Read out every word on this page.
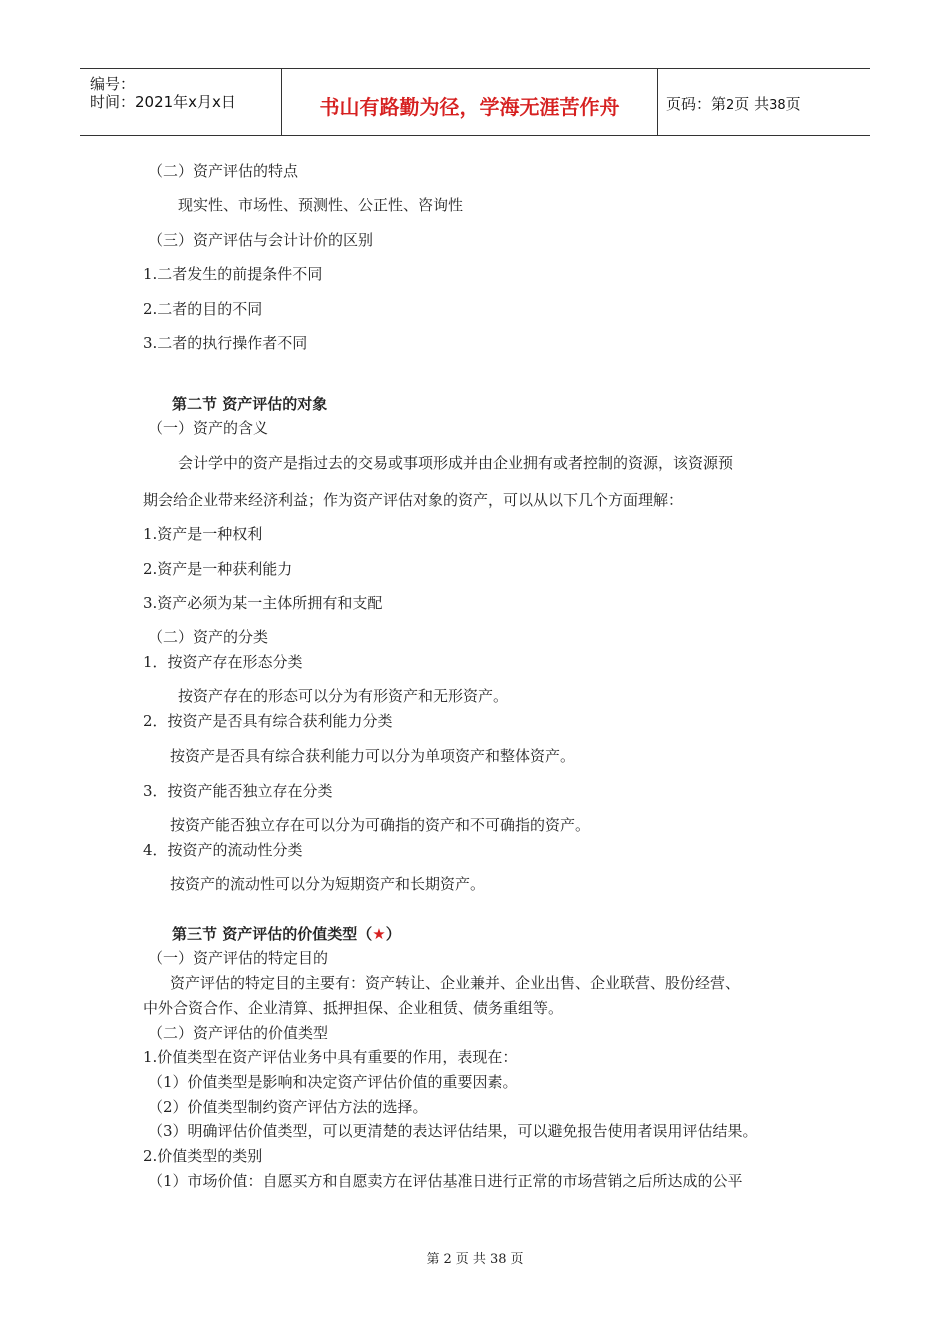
编号：
时间：2021年x月x日	书山有路勤为径，学海无涯苦作舟	页码：第2页 共38页
（二）资产评估的特点
现实性、市场性、预测性、公正性、咨询性
（三）资产评估与会计计价的区别
1.二者发生的前提条件不同
2.二者的目的不同
3.二者的执行操作者不同
第二节 资产评估的对象
（一）资产的含义
会计学中的资产是指过去的交易或事项形成并由企业拥有或者控制的资源，该资源预
期会给企业带来经济利益；作为资产评估对象的资产，可以从以下几个方面理解：
1.资产是一种权利
2.资产是一种获利能力
3.资产必须为某一主体所拥有和支配
（二）资产的分类
1．按资产存在形态分类
按资产存在的形态可以分为有形资产和无形资产。
2．按资产是否具有综合获利能力分类
按资产是否具有综合获利能力可以分为单项资产和整体资产。
3．按资产能否独立存在分类
按资产能否独立存在可以分为可确指的资产和不可确指的资产。
4．按资产的流动性分类
按资产的流动性可以分为短期资产和长期资产。
第三节 资产评估的价值类型（★）
（一）资产评估的特定目的
资产评估的特定目的主要有：资产转让、企业兼并、企业出售、企业联营、股份经营、
中外合资合作、企业清算、抵押担保、企业租赁、债务重组等。
（二）资产评估的价值类型
1.价值类型在资产评估业务中具有重要的作用，表现在：
（1）价值类型是影响和决定资产评估价值的重要因素。
（2）价值类型制约资产评估方法的选择。
（3）明确评估价值类型，可以更清楚的表达评估结果，可以避免报告使用者误用评估结果。
2.价值类型的类别
（1）市场价值：自愿买方和自愿卖方在评估基准日进行正常的市场营销之后所达成的公平
第 2 页 共 38 页
